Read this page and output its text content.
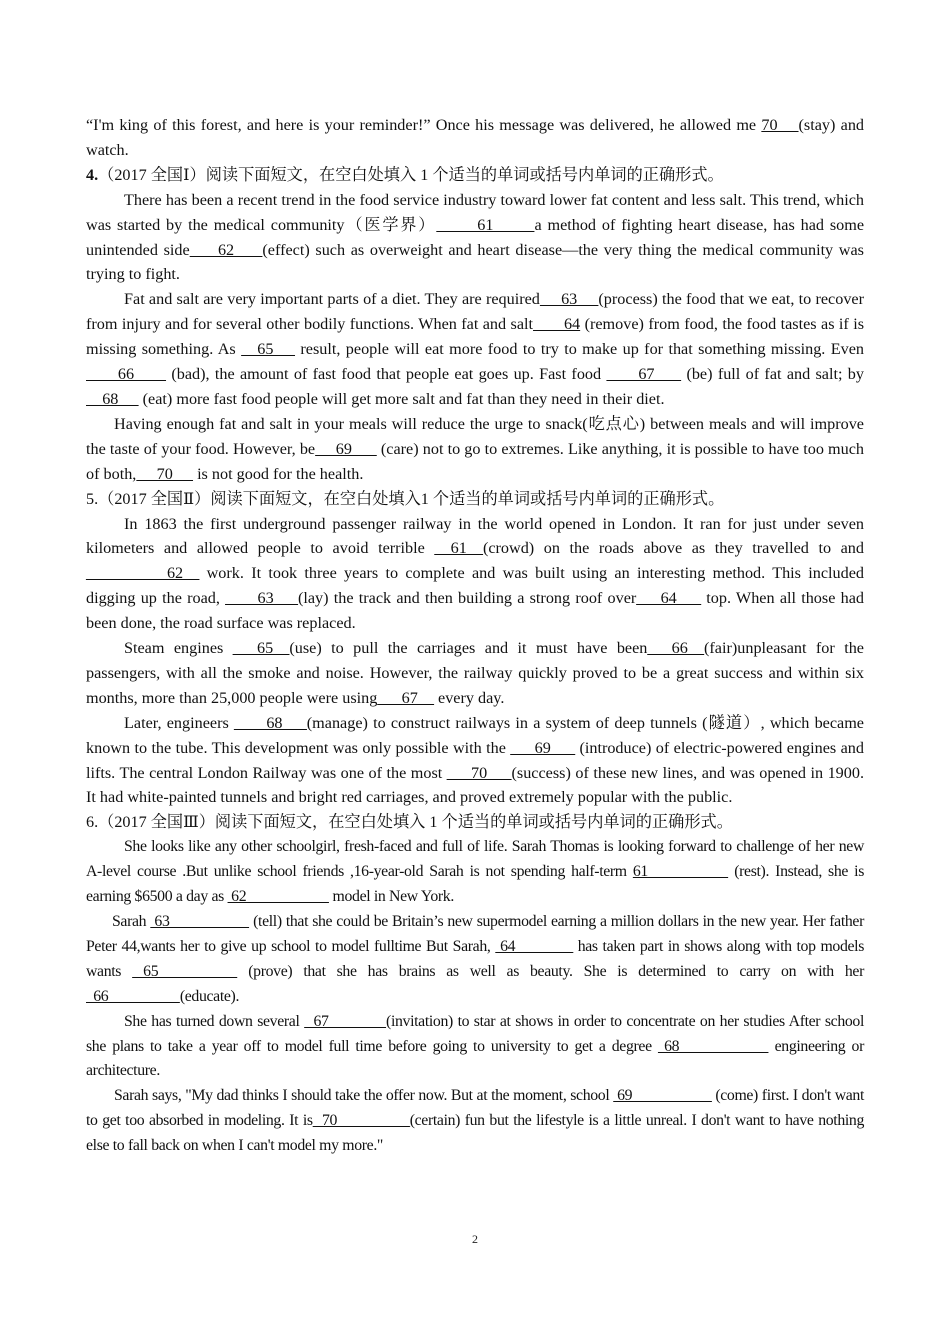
“I'm king of this forest, and here is your reminder!” Once his message was delivered, he allowed me 70    (stay) and watch.

4.（2017 全国Ⅰ）阅读下面短文，在空白处填入 1 个适当的单词或括号内单词的正确形式。

There has been a recent trend in the food service industry toward lower fat content and less salt. This trend, which was started by the medical community（医学界）       61       a method of fighting heart disease, has had some unintended side     62     (effect) such as overweight and heart disease—the very thing the medical community was trying to fight.

Fat and salt are very important parts of a diet. They are required     63     (process) the food that we eat, to recover from injury and for several other bodily functions. When fat and salt       64 (remove) from food, the food tastes as if is missing something. As    65     result, people will eat more food to try to make up for that something missing. Even       66       (bad), the amount of fast food that people eat goes up. Fast food       67      (be) full of fat and salt; by     68      (eat) more fast food people will get more salt and fat than they need in their diet.

Having enough fat and salt in your meals will reduce the urge to snack(吃点心) between meals and will improve the taste of your food. However, be     69       (care) not to go to extremes. Like anything, it is possible to have too much of both,     70      is not good for the health.

5.（2017 全国Ⅱ）阅读下面短文，在空白处填入1 个适当的单词或括号内单词的正确形式。

In 1863 the first underground passenger railway in the world opened in London. It ran for just under seven kilometers and allowed people to avoid terrible __61__(crowd) on the roads above as they travelled to and __________62__ work. It took three years to complete and was built using an interesting method. This included digging up the road, ____63___(lay) the track and then building a strong roof over___64___ top. When all those had been done, the road surface was replaced.

Steam engines ___65__(use) to pull the carriages and it must have been___66__(fair)unpleasant for the passengers, with all the smoke and noise. However, the railway quickly proved to be a great success and within six months, more than 25,000 people were using___67__ every day.

Later, engineers ____68___(manage) to construct railways in a system of deep tunnels (隧道）, which became known to the tube. This development was only possible with the ___69___ (introduce) of electric-powered engines and lifts. The central London Railway was one of the most ___70___(success) of these new lines, and was opened in 1900. It had white-painted tunnels and bright red carriages, and proved extremely popular with the public.

6.（2017 全国Ⅲ）阅读下面短文，在空白处填入 1 个适当的单词或括号内单词的正确形式。

She looks like any other schoolgirl, fresh-faced and full of life. Sarah Thomas is looking forward to challenge of her new A-level course .But unlike school friends ,16-year-old Sarah is not spending half-term 61 _________  (rest). Instead, she is earning $6500 a day as  62 __________  model in New York.

Sarah  63__________  (tell) that she could be Britain’s new supermodel earning a million dollars in the new year. Her father Peter 44,wants her to give up school to model fulltime But Sarah,  64 _______ has taken part in shows along with top models wants  65_________  (prove) that she has brains as well as beauty. She is determined to carry on with her  66_________ (educate).

She has turned down several   67_______ (invitation) to star at shows in order to concentrate on her studies After school she plans to take a year off to model full time before going to university to get a degree  68___________  engineering or architecture.

Sarah says, "My dad thinks I should take the offer now. But at the moment, school  69 __________ (come) first. I don't want to get too absorbed in modeling. It is  70 _________(certain) fun but the lifestyle is a little unreal. I don't want to have nothing else to fall back on when I can't model my more."

2
